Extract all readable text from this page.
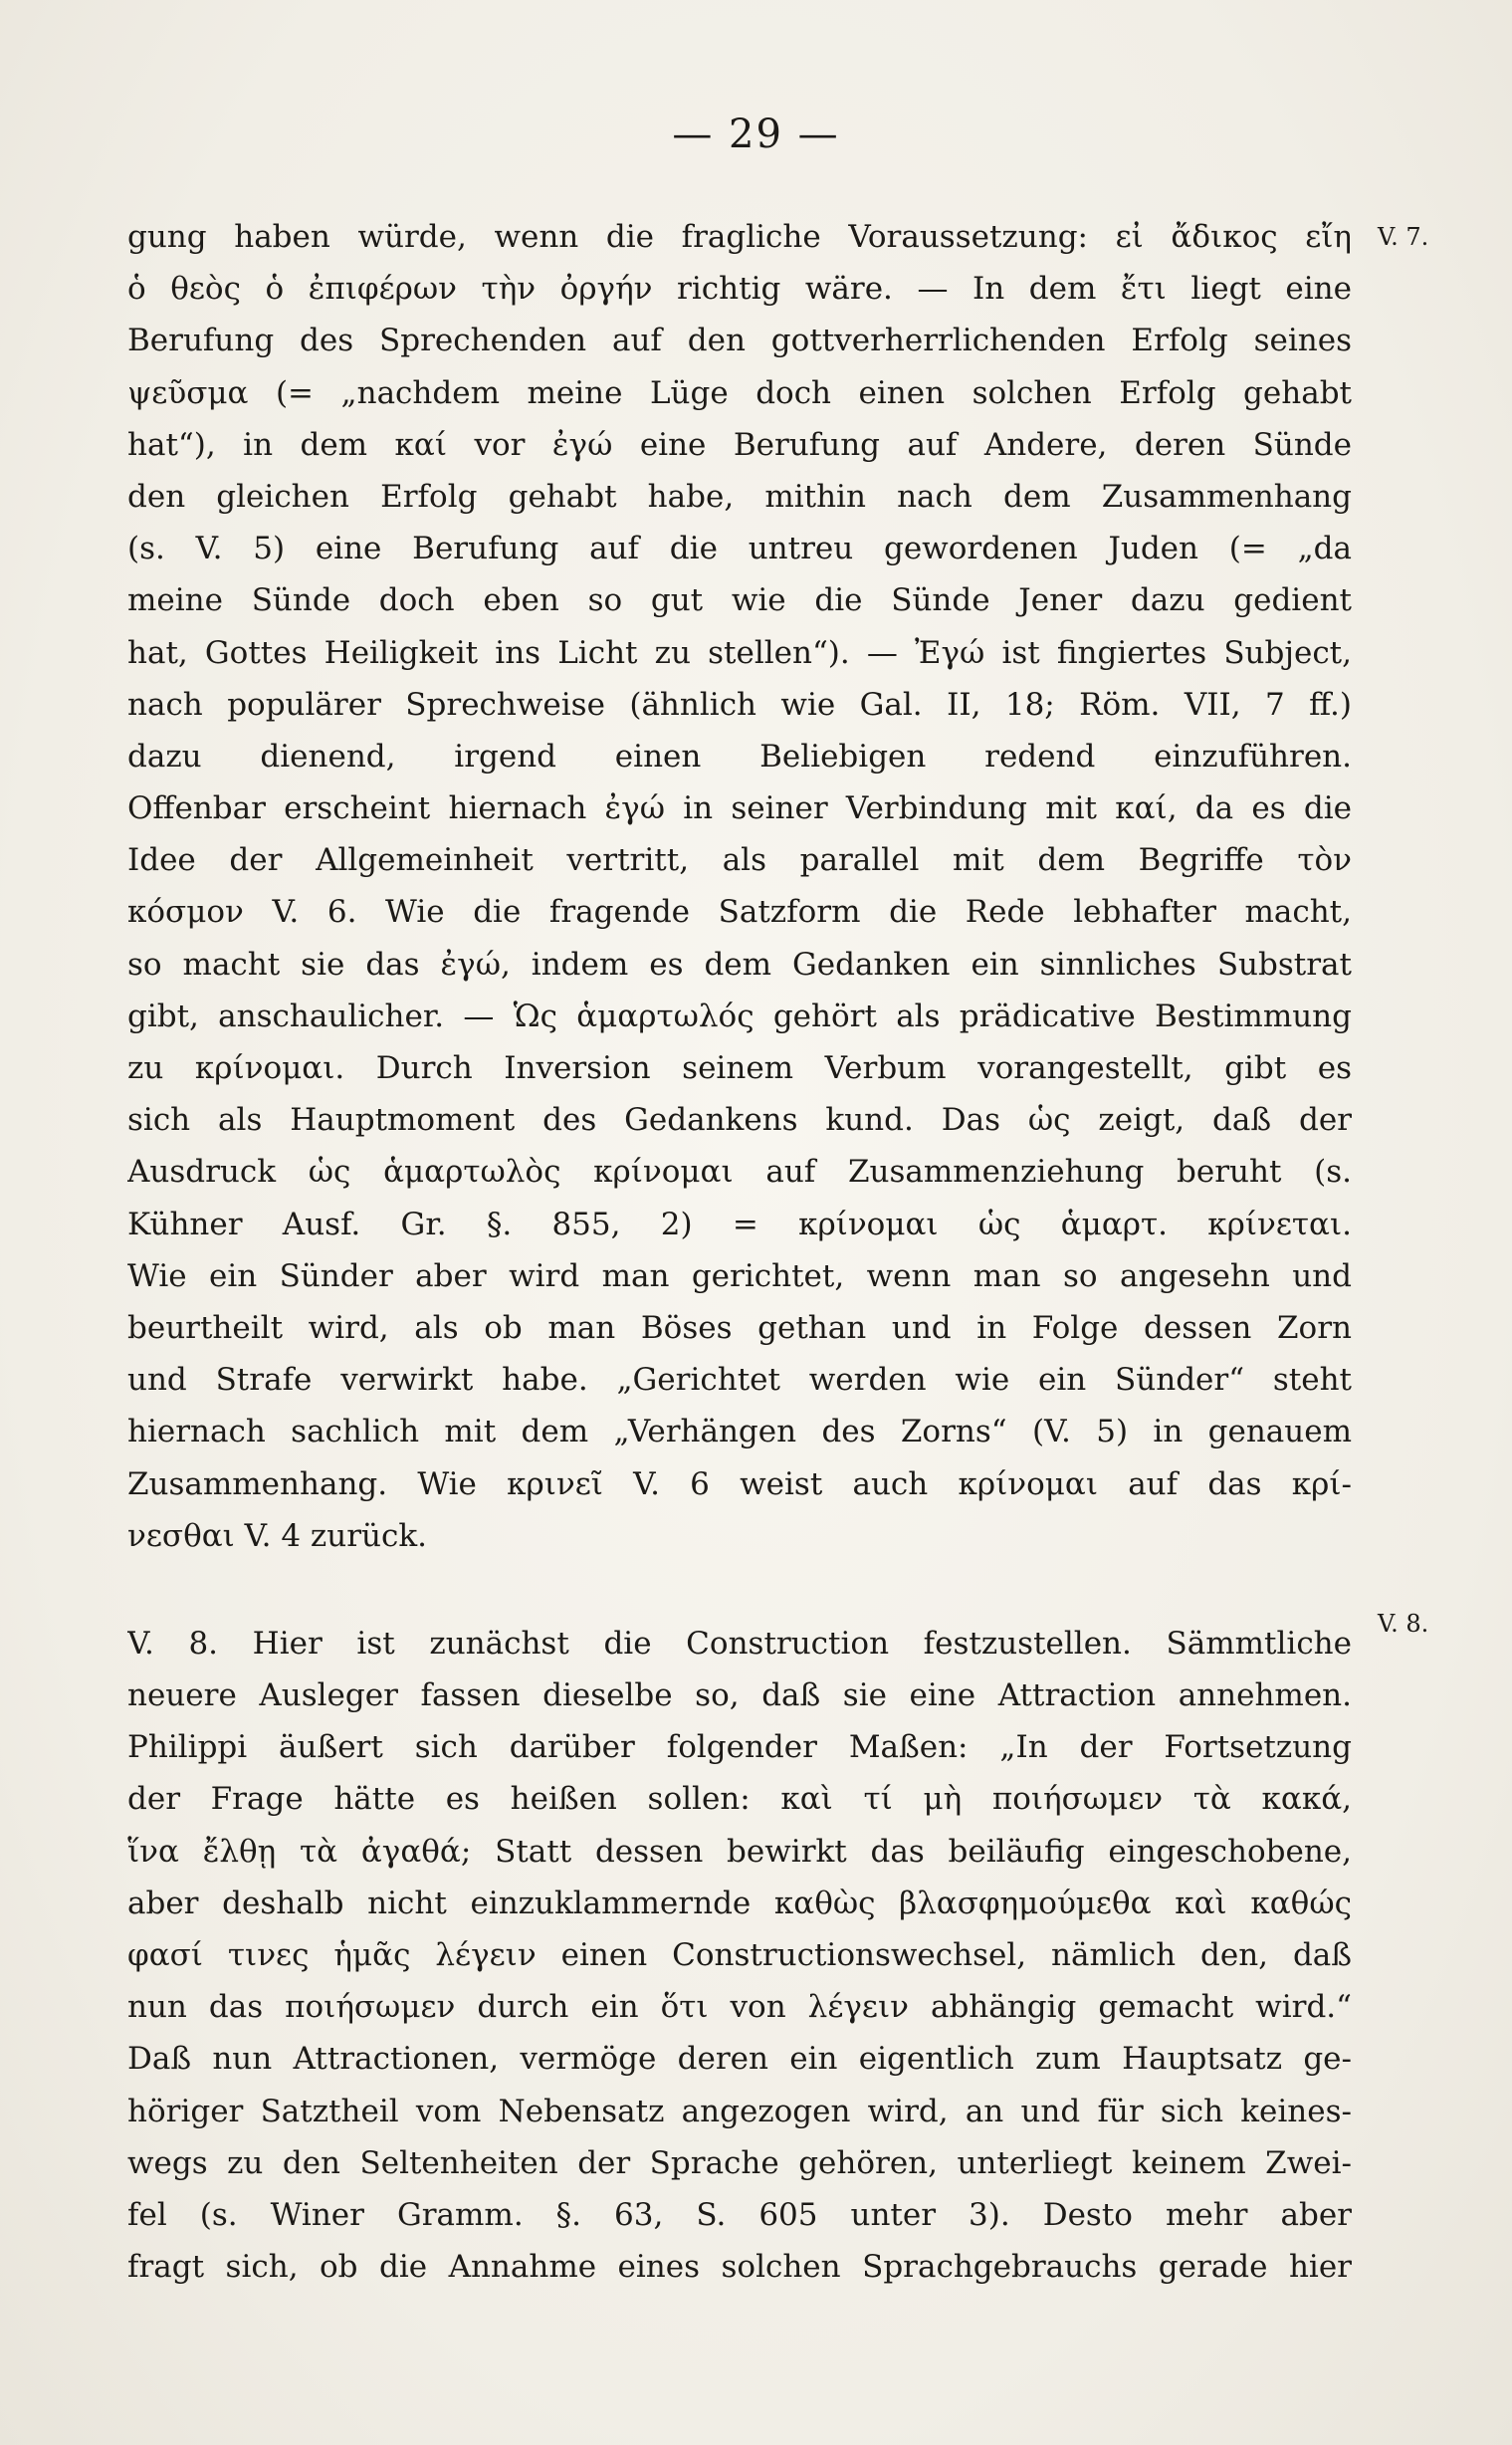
— 29 —
V. 7.
V. 8.
gung haben würde, wenn die fragliche Voraussetzung: εἰ ἄδικος εἴη
ὁ θεὸς ὁ ἐπιφέρων τὴν ὀργήν richtig wäre. — In dem ἔτι liegt eine
Berufung des Sprechenden auf den gottverherrlichenden Erfolg seines
ψεῦσμα (= „nachdem meine Lüge doch einen solchen Erfolg gehabt
hat“), in dem καί vor ἐγώ eine Berufung auf Andere, deren Sünde
den gleichen Erfolg gehabt habe, mithin nach dem Zusammenhang
(s. V. 5) eine Berufung auf die untreu gewordenen Juden (= „da
meine Sünde doch eben so gut wie die Sünde Jener dazu gedient
hat, Gottes Heiligkeit ins Licht zu stellen“). — Ἐγώ ist fingiertes Subject,
nach populärer Sprechweise (ähnlich wie Gal. II, 18; Röm. VII, 7 ff.)
dazu dienend, irgend einen Beliebigen redend einzuführen.
Offenbar erscheint hiernach ἐγώ in seiner Verbindung mit καί, da es die
Idee der Allgemeinheit vertritt, als parallel mit dem Begriffe τὸν
κόσμον V. 6. Wie die fragende Satzform die Rede lebhafter macht,
so macht sie das ἐγώ, indem es dem Gedanken ein sinnliches Substrat
gibt, anschaulicher. — Ὡς ἁμαρτωλός gehört als prädicative Bestimmung
zu κρίνομαι. Durch Inversion seinem Verbum vorangestellt, gibt es
sich als Hauptmoment des Gedankens kund. Das ὡς zeigt, daß der
Ausdruck ὡς ἁμαρτωλὸς κρίνομαι auf Zusammenziehung beruht (s.
Kühner Ausf. Gr. §. 855, 2) = κρίνομαι ὡς ἁμαρτ. κρίνεται.
Wie ein Sünder aber wird man gerichtet, wenn man so angesehn und
beurtheilt wird, als ob man Böses gethan und in Folge dessen Zorn
und Strafe verwirkt habe. „Gerichtet werden wie ein Sünder“ steht
hiernach sachlich mit dem „Verhängen des Zorns“ (V. 5) in genauem
Zusammenhang. Wie κρινεῖ V. 6 weist auch κρίνομαι auf das κρί-
νεσθαι V. 4 zurück.
V. 8. Hier ist zunächst die Construction festzustellen. Sämmtliche
neuere Ausleger fassen dieselbe so, daß sie eine Attraction annehmen.
Philippi äußert sich darüber folgender Maßen: „In der Fortsetzung
der Frage hätte es heißen sollen: καὶ τί μὴ ποιήσωμεν τὰ κακά,
ἵνα ἔλθῃ τὰ ἀγαθά; Statt dessen bewirkt das beiläufig eingeschobene,
aber deshalb nicht einzuklammernde καθὼς βλασφημούμεθα καὶ καθώς
φασί τινες ἡμᾶς λέγειν einen Constructionswechsel, nämlich den, daß
nun das ποιήσωμεν durch ein ὅτι von λέγειν abhängig gemacht wird.“
Daß nun Attractionen, vermöge deren ein eigentlich zum Hauptsatz ge-
höriger Satztheil vom Nebensatz angezogen wird, an und für sich keines-
wegs zu den Seltenheiten der Sprache gehören, unterliegt keinem Zwei-
fel (s. Winer Gramm. §. 63, S. 605 unter 3). Desto mehr aber
fragt sich, ob die Annahme eines solchen Sprachgebrauchs gerade hier
